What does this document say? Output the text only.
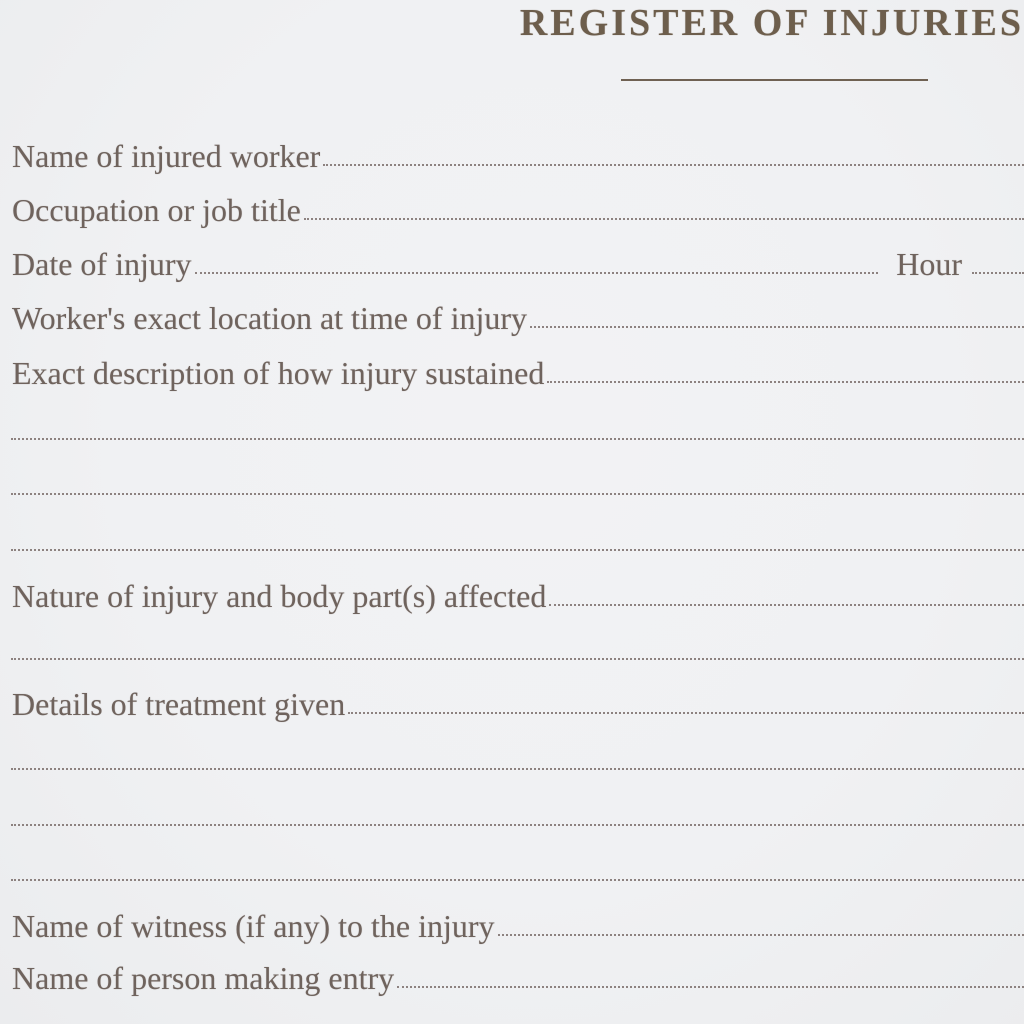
REGISTER OF INJURIES
Name of injured worker
Occupation or job title
Date of injury	Hour
Worker's exact location at time of injury
Exact description of how injury sustained
Nature of injury and body part(s) affected
Details of treatment given
Name of witness (if any) to the injury
Name of person making entry
